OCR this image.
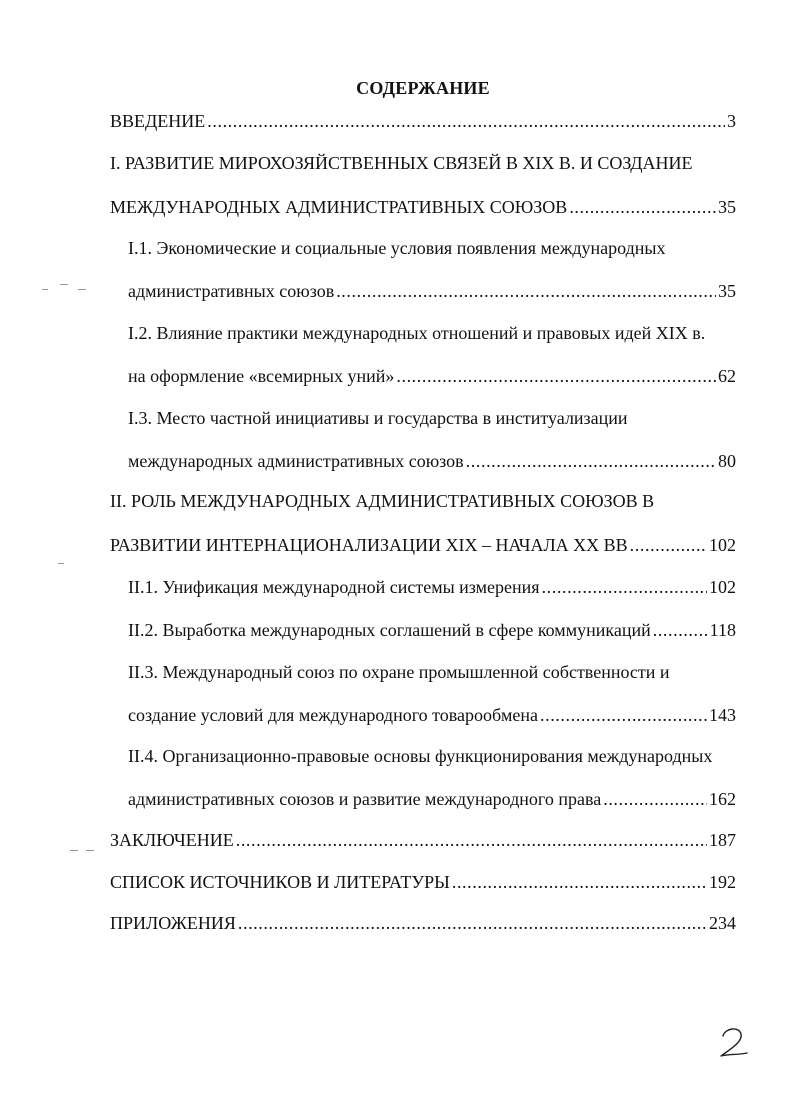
СОДЕРЖАНИЕ
ВВЕДЕНИЕ .....	3
I. РАЗВИТИЕ МИРОХОЗЯЙСТВЕННЫХ СВЯЗЕЙ В XIX В. И СОЗДАНИЕ
МЕЖДУНАРОДНЫХ АДМИНИСТРАТИВНЫХ СОЮЗОВ .....	35
I.1. Экономические и социальные условия появления международных
административных союзов .....	35
I.2. Влияние практики международных отношений и правовых идей XIX в.
на оформление «всемирных уний» .....	62
I.3. Место частной инициативы и государства в институализации
международных административных союзов .....	80
II. РОЛЬ МЕЖДУНАРОДНЫХ АДМИНИСТРАТИВНЫХ СОЮЗОВ В
РАЗВИТИИ ИНТЕРНАЦИОНАЛИЗАЦИИ XIX – НАЧАЛА XX ВВ .....	102
II.1. Унификация международной системы измерения .....	102
II.2. Выработка международных соглашений в сфере коммуникаций .....	118
II.3. Международный союз по охране промышленной собственности и
создание условий для международного товарообмена .....	143
II.4. Организационно-правовые основы функционирования международных
административных союзов и развитие международного права .....	162
ЗАКЛЮЧЕНИЕ .....	187
СПИСОК ИСТОЧНИКОВ И ЛИТЕРАТУРЫ .....	192
ПРИЛОЖЕНИЯ .....	234
